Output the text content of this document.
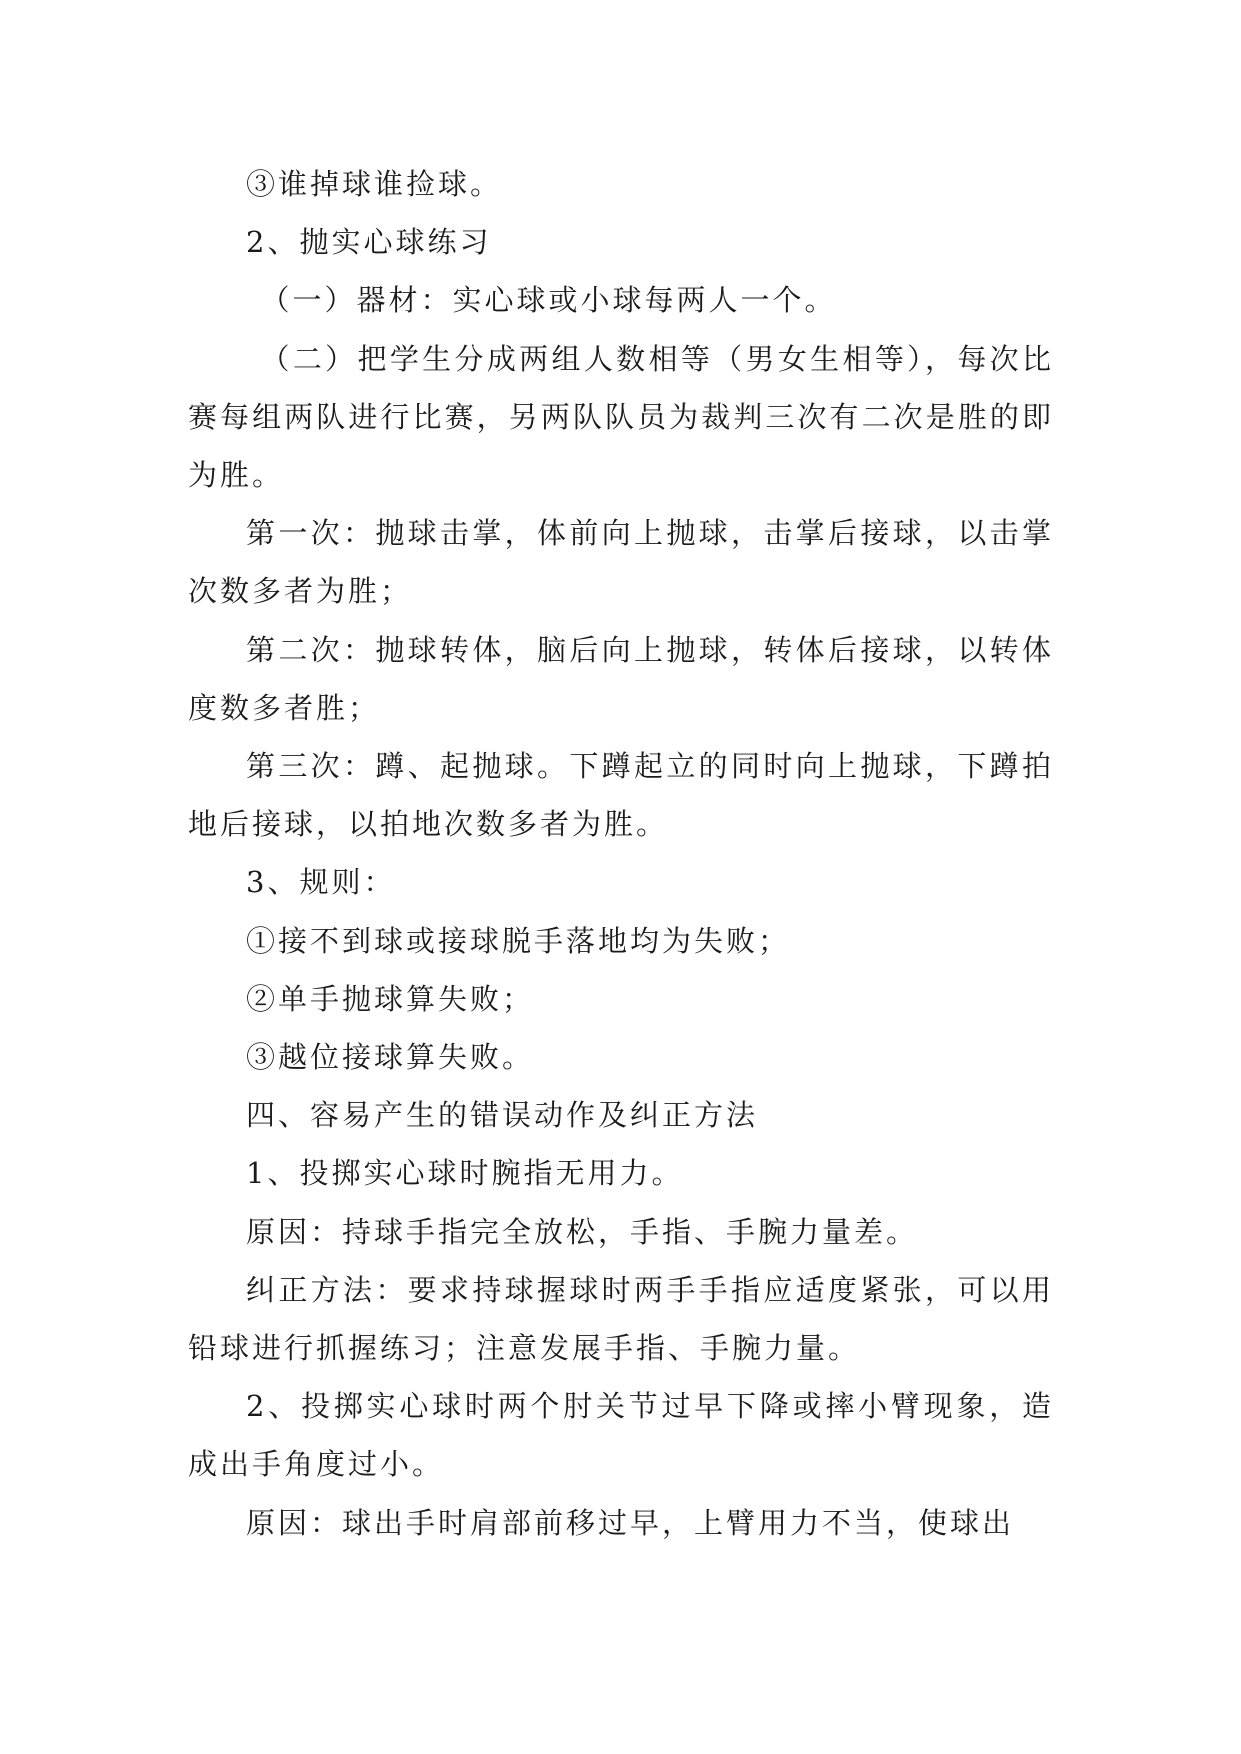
③谁掉球谁捡球。

2、抛实心球练习

（一）器材：实心球或小球每两人一个。

（二）把学生分成两组人数相等（男女生相等），每次比赛每组两队进行比赛，另两队队员为裁判三次有二次是胜的即为胜。

第一次：抛球击掌，体前向上抛球，击掌后接球，以击掌次数多者为胜；

第二次：抛球转体，脑后向上抛球，转体后接球，以转体度数多者胜；

第三次：蹲、起抛球。下蹲起立的同时向上抛球，下蹲拍地后接球，以拍地次数多者为胜。

3、规则：

①接不到球或接球脱手落地均为失败；

②单手抛球算失败；

③越位接球算失败。

四、容易产生的错误动作及纠正方法

1、投掷实心球时腕指无用力。

原因：持球手指完全放松，手指、手腕力量差。

纠正方法：要求持球握球时两手手指应适度紧张，可以用铅球进行抓握练习；注意发展手指、手腕力量。

2、投掷实心球时两个肘关节过早下降或摔小臂现象，造成出手角度过小。

原因：球出手时肩部前移过早，上臂用力不当，使球出
